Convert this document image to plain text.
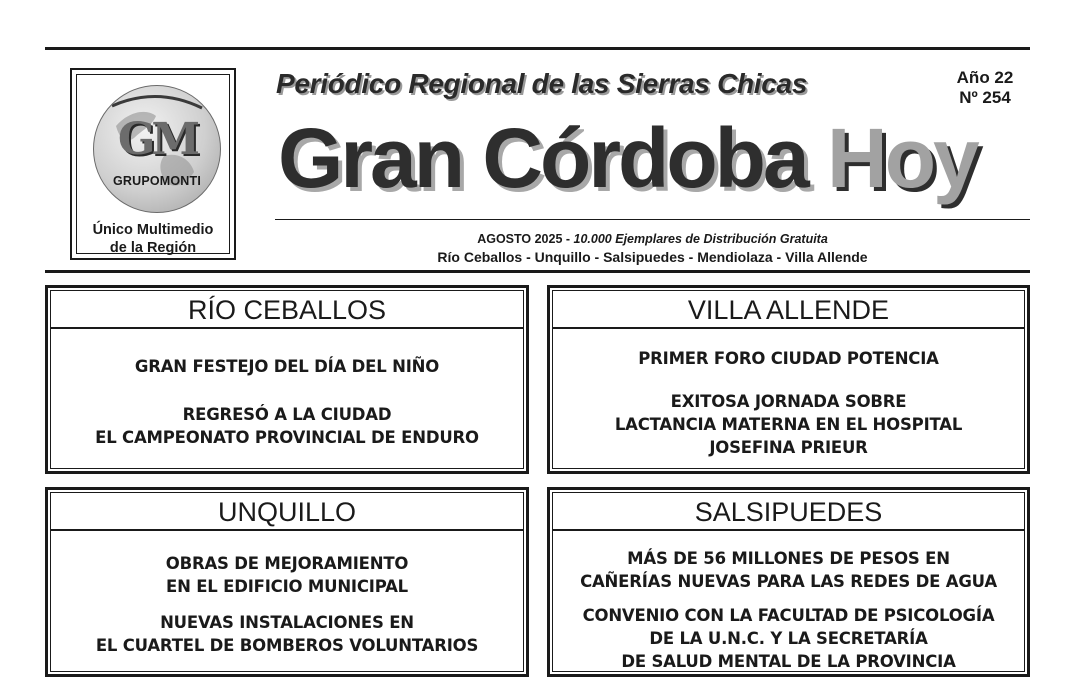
GM
GRUPOMONTI
Único Multimedio
de la Región
Periódico Regional de las Sierras Chicas	Año 22
Nº 254
Gran Córdoba Hoy
AGOSTO 2025 - 10.000 Ejemplares de Distribución Gratuita
Río Ceballos - Unquillo - Salsipuedes - Mendiolaza - Villa Allende
RÍO CEBALLOS
GRAN FESTEJO DEL DÍA DEL NIÑO
REGRESÓ A LA CIUDAD
EL CAMPEONATO PROVINCIAL DE ENDURO
VILLA ALLENDE
PRIMER FORO CIUDAD POTENCIA
EXITOSA JORNADA SOBRE
LACTANCIA MATERNA EN EL HOSPITAL
JOSEFINA PRIEUR
UNQUILLO
OBRAS DE MEJORAMIENTO
EN EL EDIFICIO MUNICIPAL
NUEVAS INSTALACIONES EN
EL CUARTEL DE BOMBEROS VOLUNTARIOS
SALSIPUEDES
MÁS DE 56 MILLONES DE PESOS EN
CAÑERÍAS NUEVAS PARA LAS REDES DE AGUA
CONVENIO CON LA FACULTAD DE PSICOLOGÍA
DE LA U.N.C. Y LA SECRETARÍA
DE SALUD MENTAL DE LA PROVINCIA
